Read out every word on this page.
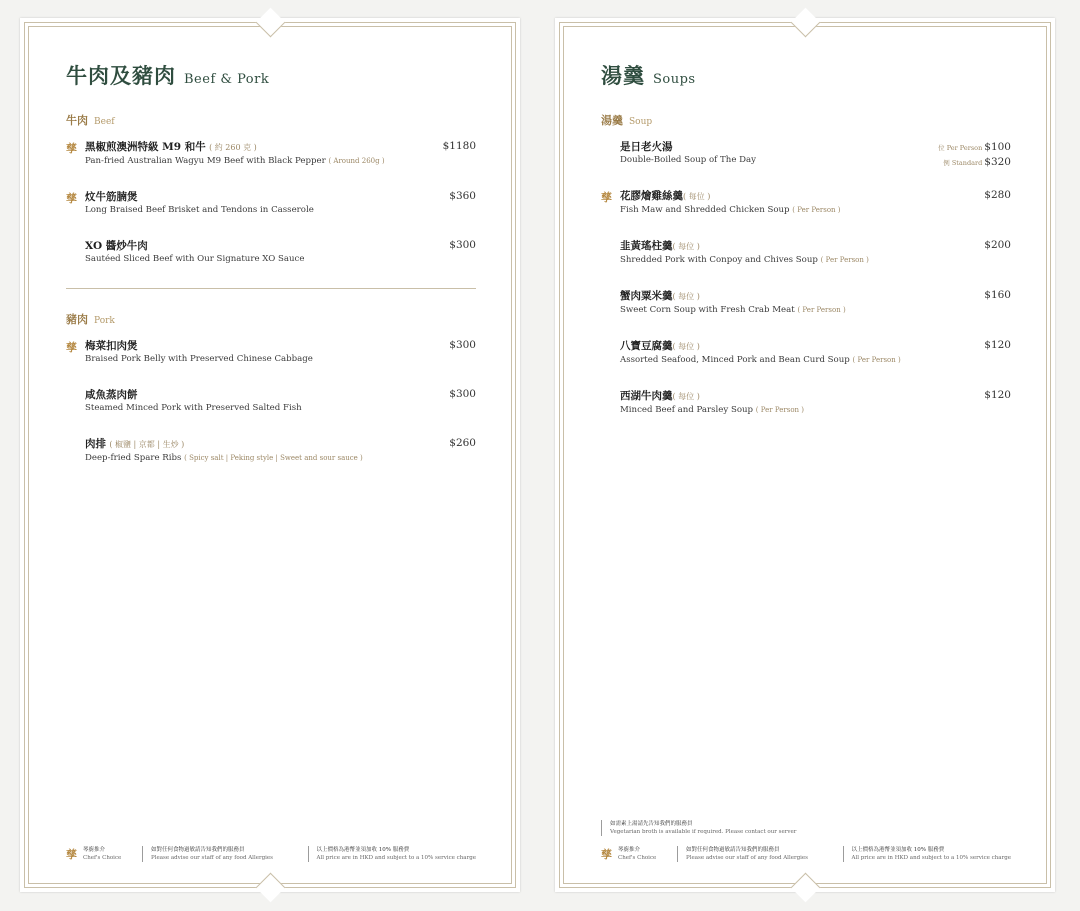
牛肉及豬肉 Beef & Pork
牛肉 Beef
孳 黑椒煎澳洲特級 M9 和牛 ( 約 260 克 )
Pan-fried Australian Wagyu M9 Beef with Black Pepper ( Around 260g )
$1180
孳 炆牛筋腩煲
Long Braised Beef Brisket and Tendons in Casserole
$360
XO 醬炒牛肉
Sautéed Sliced Beef with Our Signature XO Sauce
$300
豬肉 Pork
孳 梅菜扣肉煲
Braised Pork Belly with Preserved Chinese Cabbage
$300
咸魚蒸肉餅
Steamed Minced Pork with Preserved Salted Fish
$300
肉排 ( 椒鹽 | 京都 | 生炒 )
Deep-fried Spare Ribs ( Spicy salt | Peking style | Sweet and sour sauce )
$260
孳 琴廚推介
Chef's Choice
如對任何食物過敏請告知我們的服務員
Please advise our staff of any food Allergies
以上價格為港幣並須加收 10% 服務費
All price are in HKD and subject to a 10% service charge
湯羹 Soups
湯羹 Soup
是日老火湯
Double-Boiled Soup of The Day
位 Per Person $100
例 Standard $320
孳 花膠燴雞絲羹( 每位 )
Fish Maw and Shredded Chicken Soup ( Per Person )
$280
韭黃瑤柱羹( 每位 )
Shredded Pork with Conpoy and Chives Soup ( Per Person )
$200
蟹肉粟米羹( 每位 )
Sweet Corn Soup with Fresh Crab Meat ( Per Person )
$160
八寶豆腐羹( 每位 )
Assorted Seafood, Minced Pork and Bean Curd Soup ( Per Person )
$120
西湖牛肉羹( 每位 )
Minced Beef and Parsley Soup ( Per Person )
$120
如需素上湯請先告知我們的服務員
Vegetarian broth is available if required. Please contact our server
孳 琴廚推介
Chef's Choice
如對任何食物過敏請告知我們的服務員
Please advise our staff of any food Allergies
以上價格為港幣並須加收 10% 服務費
All price are in HKD and subject to a 10% service charge
